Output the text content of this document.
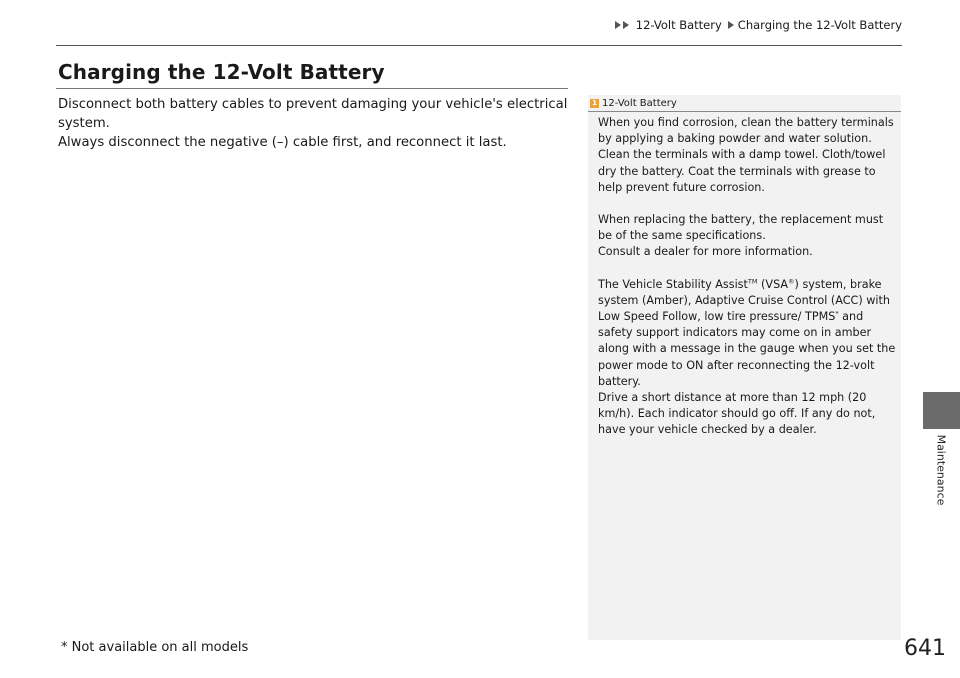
12-Volt Battery Charging the 12-Volt Battery
Charging the 12-Volt Battery
Disconnect both battery cables to prevent damaging your vehicle's electrical system.
Always disconnect the negative (–) cable first, and reconnect it last.
1 12-Volt Battery

When you find corrosion, clean the battery terminals by applying a baking powder and water solution. Clean the terminals with a damp towel. Cloth/towel dry the battery. Coat the terminals with grease to help prevent future corrosion.

When replacing the battery, the replacement must be of the same specifications.

Consult a dealer for more information.

The Vehicle Stability Assist™ (VSA®) system, brake system (Amber), Adaptive Cruise Control (ACC) with Low Speed Follow, low tire pressure/ TPMS* and safety support indicators may come on in amber along with a message in the gauge when you set the power mode to ON after reconnecting the 12-volt battery.

Drive a short distance at more than 12 mph (20 km/h). Each indicator should go off. If any do not, have your vehicle checked by a dealer.

* Not available on all models	641
Maintenance
